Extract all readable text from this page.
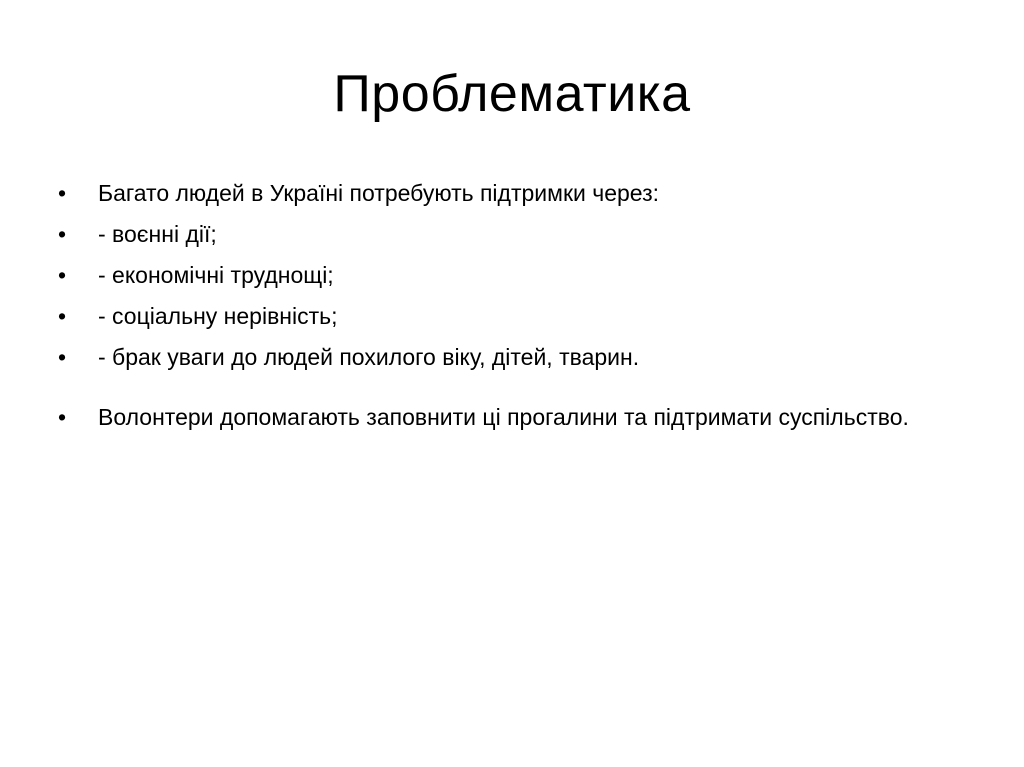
Проблематика
•	Багато людей в Україні потребують підтримки через:
•	- воєнні дії;
•	- економічні труднощі;
•	- соціальну нерівність;
•	- брак уваги до людей похилого віку, дітей, тварин.
•	Волонтери допомагають заповнити ці прогалини та підтримати суспільство.
